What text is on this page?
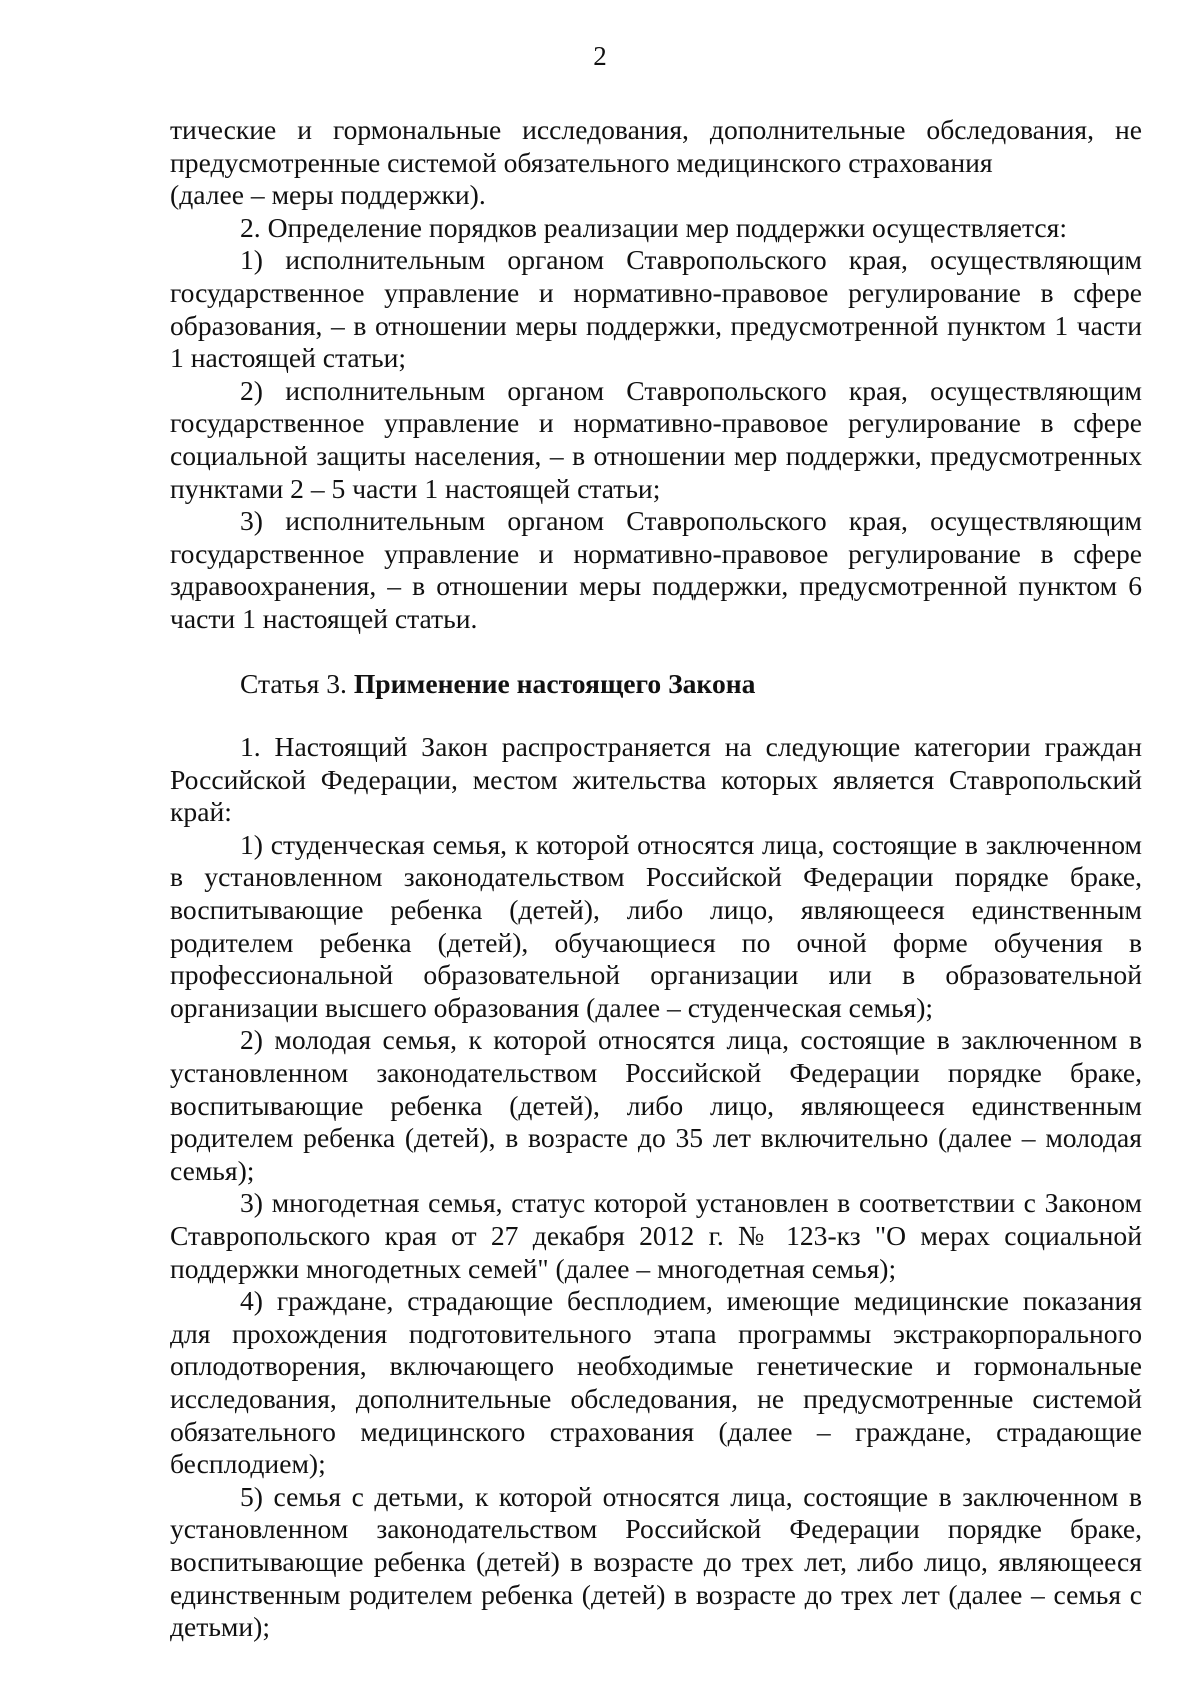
2

тические и гормональные исследования, дополнительные обследования, не предусмотренные системой обязательного медицинского страхования

(далее – меры поддержки).

2. Определение порядков реализации мер поддержки осуществляется:

1) исполнительным органом Ставропольского края, осуществляющим государственное управление и нормативно-правовое регулирование в сфере образования, – в отношении меры поддержки, предусмотренной пунктом 1 части 1 настоящей статьи;

2) исполнительным органом Ставропольского края, осуществляющим государственное управление и нормативно-правовое регулирование в сфере социальной защиты населения, – в отношении мер поддержки, предусмотренных пунктами 2 – 5 части 1 настоящей статьи;

3) исполнительным органом Ставропольского края, осуществляющим государственное управление и нормативно-правовое регулирование в сфере здравоохранения, – в отношении меры поддержки, предусмотренной пунктом 6 части 1 настоящей статьи.

Статья 3. Применение настоящего Закона

1. Настоящий Закон распространяется на следующие категории граждан Российской Федерации, местом жительства которых является Ставропольский край:

1) студенческая семья, к которой относятся лица, состоящие в заключенном в установленном законодательством Российской Федерации порядке браке, воспитывающие ребенка (детей), либо лицо, являющееся единственным родителем ребенка (детей), обучающиеся по очной форме обучения в профессиональной образовательной организации или в образовательной организации высшего образования (далее – студенческая семья);

2) молодая семья, к которой относятся лица, состоящие в заключенном в установленном законодательством Российской Федерации порядке браке, воспитывающие ребенка (детей), либо лицо, являющееся единственным родителем ребенка (детей), в возрасте до 35 лет включительно (далее – молодая семья);

3) многодетная семья, статус которой установлен в соответствии с Законом Ставропольского края от 27 декабря 2012 г. № 123-кз "О мерах социальной поддержки многодетных семей" (далее – многодетная семья);

4) граждане, страдающие бесплодием, имеющие медицинские показания для прохождения подготовительного этапа программы экстракорпорального оплодотворения, включающего необходимые генетические и гормональные исследования, дополнительные обследования, не предусмотренные системой обязательного медицинского страхования (далее – граждане, страдающие бесплодием);

5) семья с детьми, к которой относятся лица, состоящие в заключенном в установленном законодательством Российской Федерации порядке браке, воспитывающие ребенка (детей) в возрасте до трех лет, либо лицо, являющееся единственным родителем ребенка (детей) в возрасте до трех лет (далее – семья с детьми);
